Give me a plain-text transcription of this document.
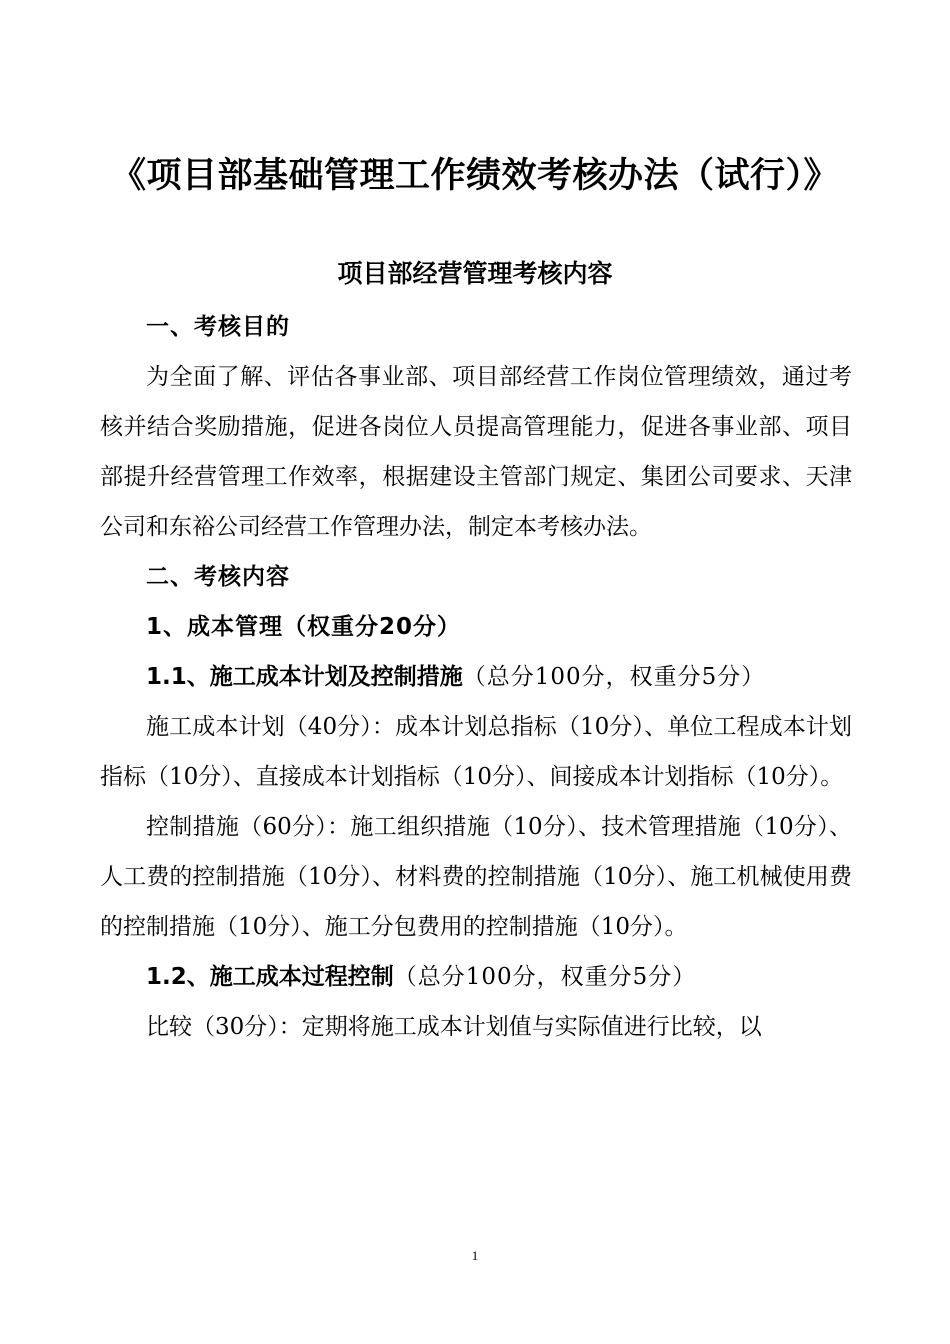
《项目部基础管理工作绩效考核办法（试行）》
项目部经营管理考核内容

一、考核目的

为全面了解、评估各事业部、项目部经营工作岗位管理绩效，通过考核并结合奖励措施，促进各岗位人员提高管理能力，促进各事业部、项目部提升经营管理工作效率，根据建设主管部门规定、集团公司要求、天津公司和东裕公司经营工作管理办法，制定本考核办法。

二、考核内容

1、成本管理（权重分20分）

1.1、施工成本计划及控制措施（总分100分，权重分5分）

施工成本计划（40分）：成本计划总指标（10分）、单位工程成本计划指标（10分）、直接成本计划指标（10分）、间接成本计划指标（10分）。

控制措施（60分）：施工组织措施（10分）、技术管理措施（10分）、人工费的控制措施（10分）、材料费的控制措施（10分）、施工机械使用费的控制措施（10分）、施工分包费用的控制措施（10分）。

1.2、施工成本过程控制（总分100分，权重分5分）

比较（30分）：定期将施工成本计划值与实际值进行比较，以

1
